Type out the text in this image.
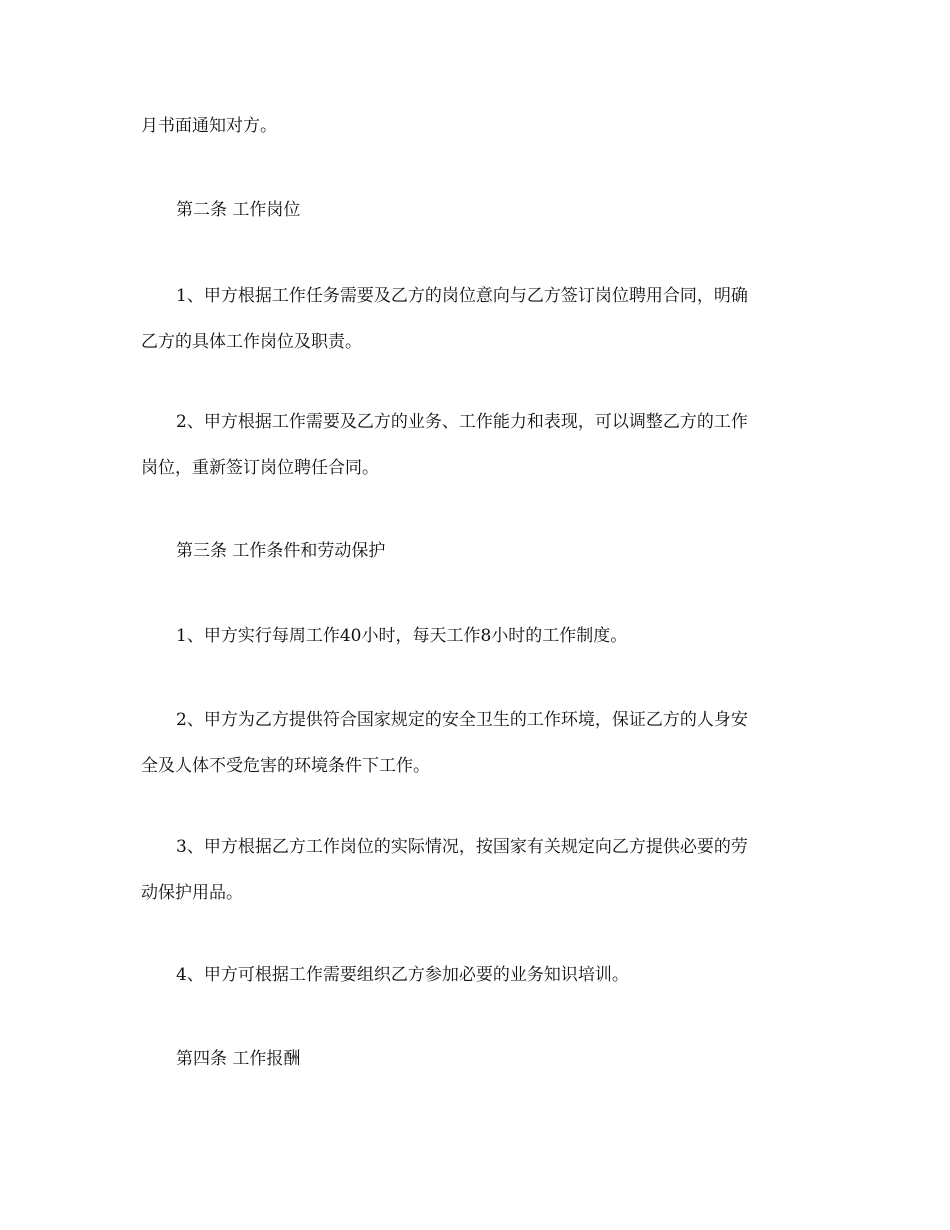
月书面通知对方。

第二条 工作岗位

1、甲方根据工作任务需要及乙方的岗位意向与乙方签订岗位聘用合同，明确
乙方的具体工作岗位及职责。
2、甲方根据工作需要及乙方的业务、工作能力和表现，可以调整乙方的工作
岗位，重新签订岗位聘任合同。

第三条 工作条件和劳动保护

1、甲方实行每周工作40小时，每天工作8小时的工作制度。

2、甲方为乙方提供符合国家规定的安全卫生的工作环境，保证乙方的人身安
全及人体不受危害的环境条件下工作。
3、甲方根据乙方工作岗位的实际情况，按国家有关规定向乙方提供必要的劳
动保护用品。

4、甲方可根据工作需要组织乙方参加必要的业务知识培训。

第四条 工作报酬
